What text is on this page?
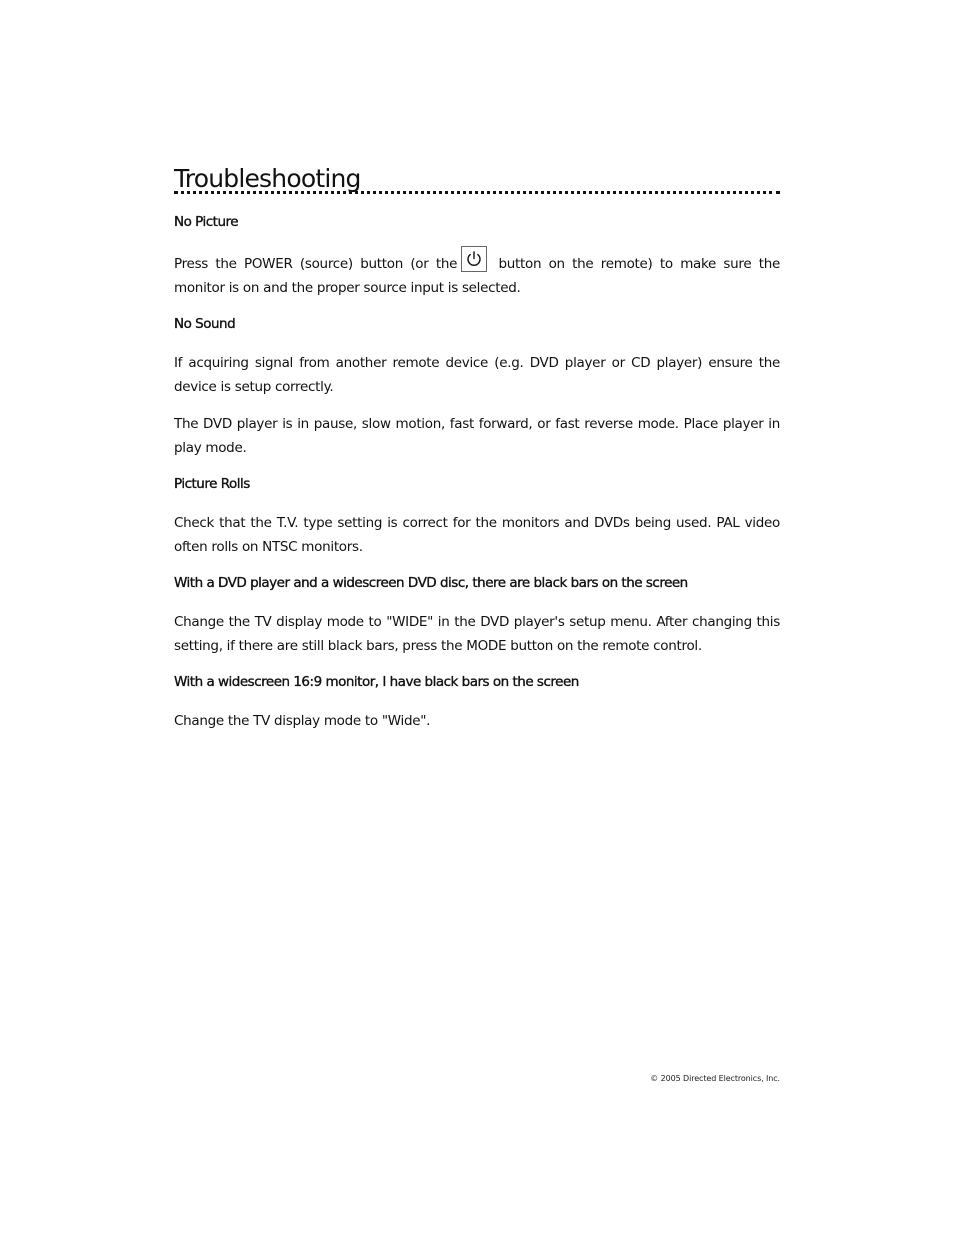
Troubleshooting
No Picture

Press the POWER (source) button (or the	button on the remote) to make sure the monitor is on and the proper source input is selected.

No Sound

If acquiring signal from another remote device (e.g. DVD player or CD player) ensure the device is setup correctly.

The DVD player is in pause, slow motion, fast forward, or fast reverse mode. Place player in play mode.

Picture Rolls

Check that the T.V. type setting is correct for the monitors and DVDs being used. PAL video often rolls on NTSC monitors.

With a DVD player and a widescreen DVD disc, there are black bars on the screen

Change the TV display mode to "WIDE" in the DVD player's setup menu. After changing this setting, if there are still black bars, press the MODE button on the remote control.

With a widescreen 16:9 monitor, I have black bars on the screen

Change the TV display mode to "Wide".

© 2005 Directed Electronics, Inc.
